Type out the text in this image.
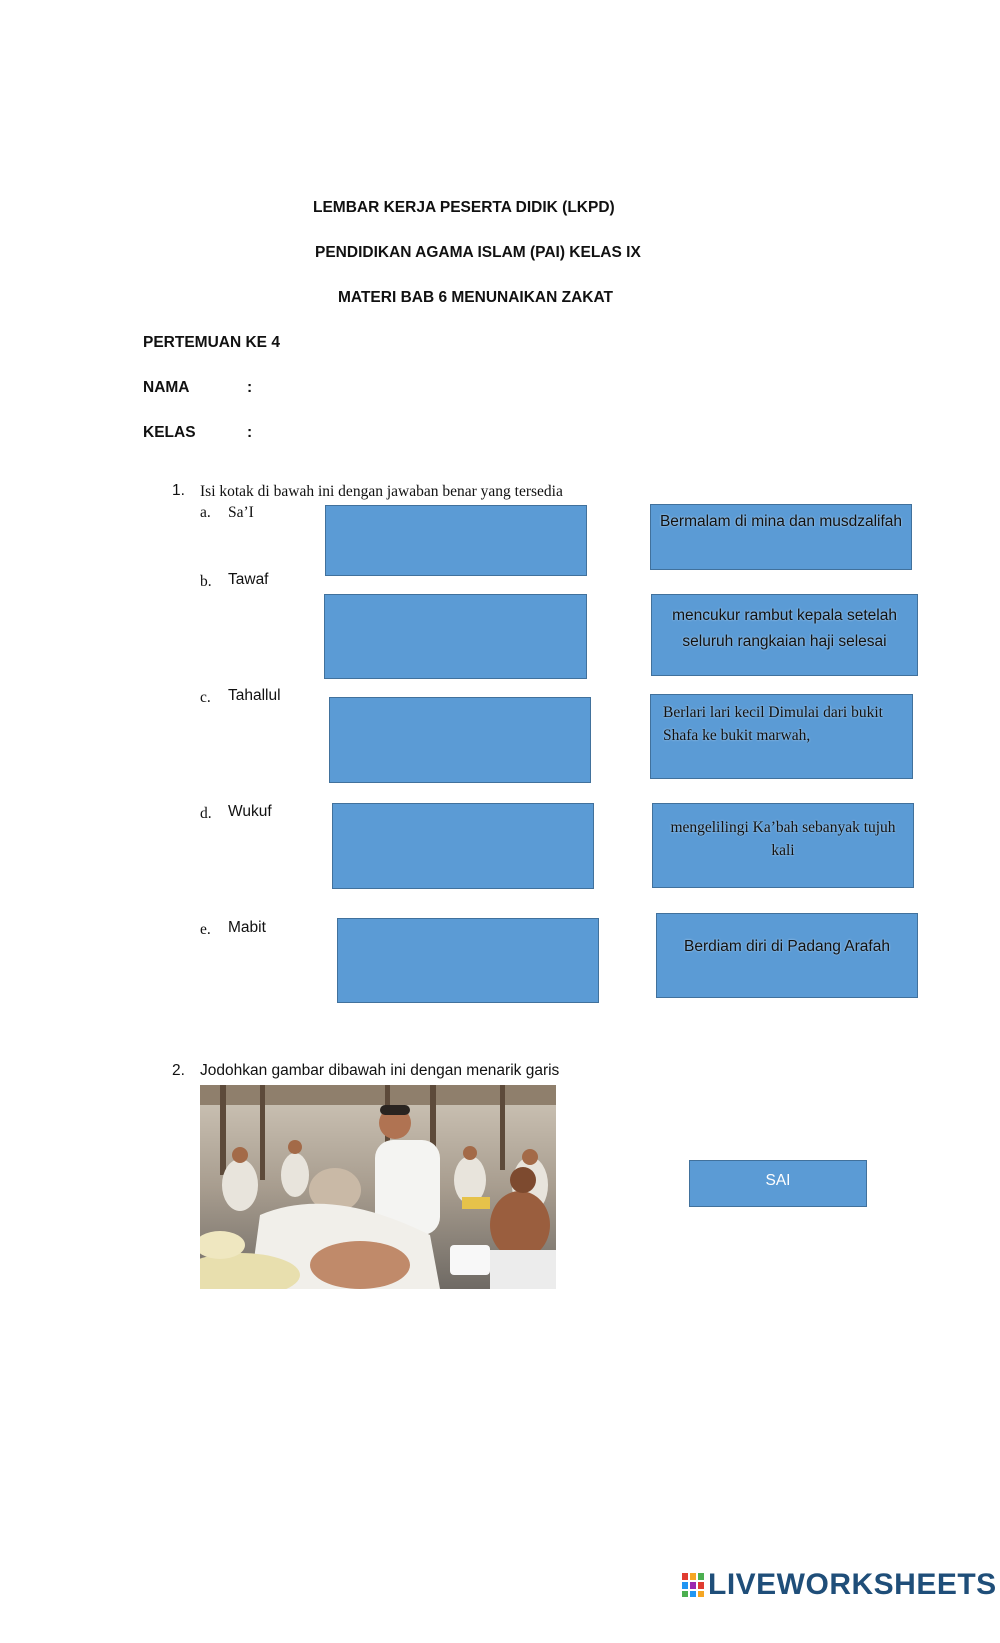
LEMBAR KERJA PESERTA DIDIK (LKPD)
PENDIDIKAN AGAMA ISLAM (PAI) KELAS IX
MATERI BAB 6 MENUNAIKAN ZAKAT
PERTEMUAN KE 4
NAMA	:
KELAS	:
1. Isi kotak di bawah ini dengan jawaban benar yang tersedia
a. Sa’I
b. Tawaf
c. Tahallul
d. Wukuf
e. Mabit
Bermalam di mina dan musdzalifah
mencukur rambut kepala setelah seluruh rangkaian haji selesai
Berlari lari kecil Dimulai dari bukit Shafa ke bukit marwah,
mengelilingi Ka’bah sebanyak tujuh kali
Berdiam diri di Padang Arafah
2. Jodohkan gambar dibawah ini dengan menarik garis
SAI
LIVEWORKSHEETS
